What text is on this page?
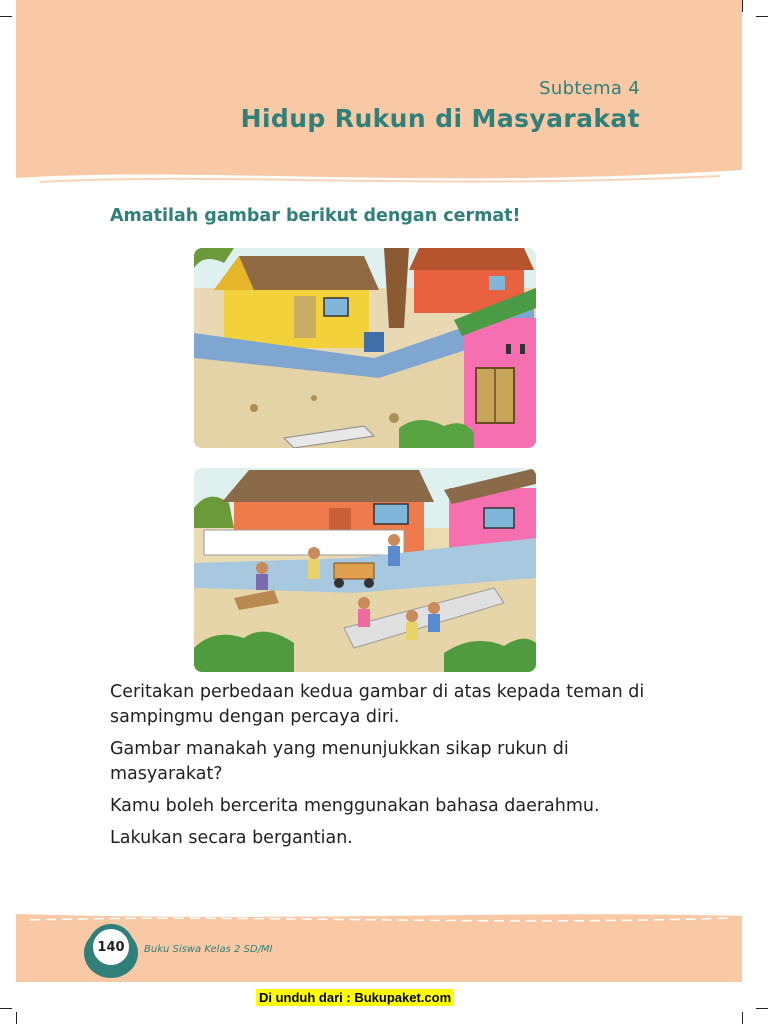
Subtema 4
Hidup Rukun di Masyarakat
Amatilah gambar berikut dengan cermat!

Ceritakan perbedaan kedua gambar di atas kepada teman di sampingmu dengan percaya diri.

Gambar manakah yang menunjukkan sikap rukun di masyarakat?

Kamu boleh bercerita menggunakan bahasa daerahmu.

Lakukan secara bergantian.

140	Buku Siswa Kelas 2 SD/MI
Di unduh dari : Bukupaket.com
